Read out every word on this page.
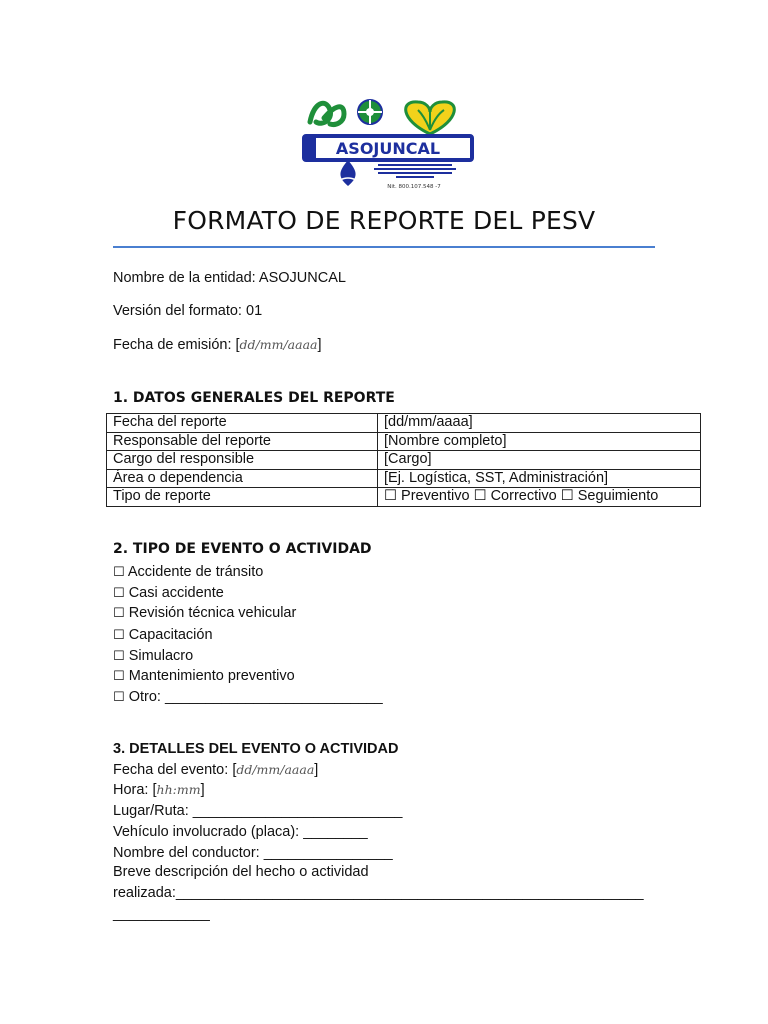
ASOJUNCAL
Nit. 800.107.548 -7
FORMATO DE REPORTE DEL PESV
Nombre de la entidad: ASOJUNCAL
Versión del formato: 01
Fecha de emisión: [dd/mm/aaaa]
1. DATOS GENERALES DEL REPORTE
Fecha del reporte	[dd/mm/aaaa]
Responsable del reporte	[Nombre completo]
Cargo del responsible	[Cargo]
Área o dependencia	[Ej. Logística, SST, Administración]
Tipo de reporte	☐ Preventivo ☐ Correctivo ☐ Seguimiento
2. TIPO DE EVENTO O ACTIVIDAD
☐ Accidente de tránsito
☐ Casi accidente
☐ Revisión técnica vehicular
☐ Capacitación
☐ Simulacro
☐ Mantenimiento preventivo
☐ Otro: ___________________________
3. DETALLES DEL EVENTO O ACTIVIDAD
Fecha del evento: [dd/mm/aaaa]
Hora: [hh:mm]
Lugar/Ruta: __________________________
Vehículo involucrado (placa): ________
Nombre del conductor: ________________
Breve descripción del hecho o actividad
realizada:__________________________________________________________
____________
